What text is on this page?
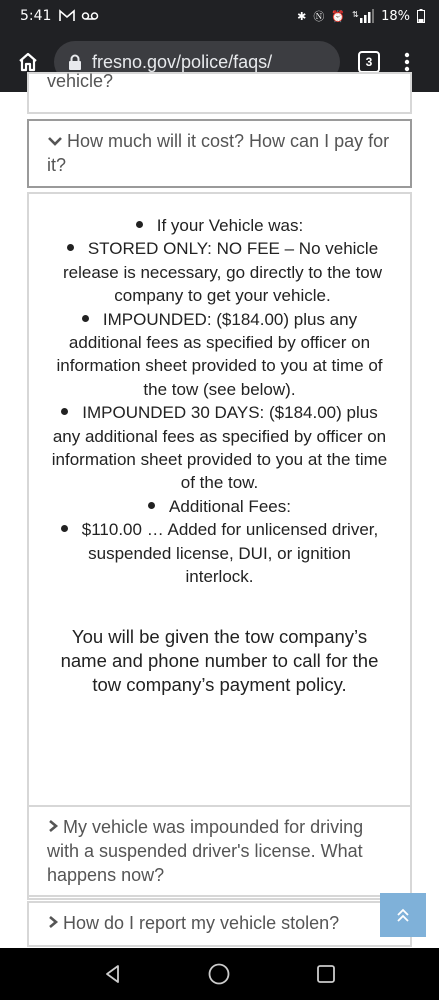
5:41	✱ Ⓝ ⏰ ⇅ 18%
fresno.gov/police/faqs/	3
vehicle?
How much will it cost? How can I pay for it?
If your Vehicle was:
STORED ONLY: NO FEE – No vehicle release is necessary, go directly to the tow company to get your vehicle.
IMPOUNDED: ($184.00) plus any additional fees as specified by officer on information sheet provided to you at time of the tow (see below).
IMPOUNDED 30 DAYS: ($184.00) plus any additional fees as specified by officer on information sheet provided to you at the time of the tow.
Additional Fees:
$110.00 … Added for unlicensed driver, suspended license, DUI, or ignition interlock.

You will be given the tow company’s name and phone number to call for the tow company’s payment policy.

My vehicle was impounded for driving with a suspended driver's license. What happens now?
How do I report my vehicle stolen?
